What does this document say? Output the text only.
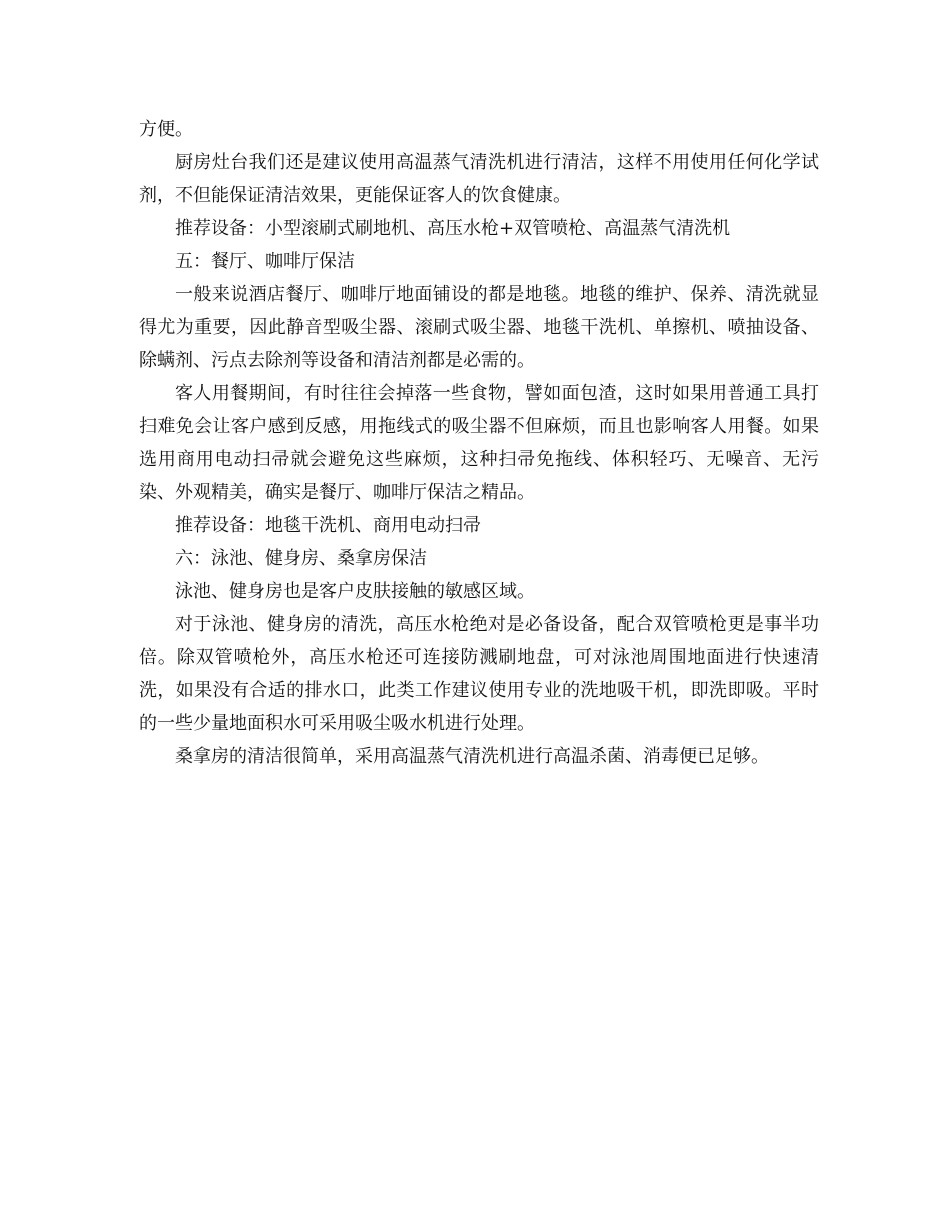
方便。

厨房灶台我们还是建议使用高温蒸气清洗机进行清洁，这样不用使用任何化学试剂，不但能保证清洁效果，更能保证客人的饮食健康。

推荐设备：小型滚刷式刷地机、高压水枪+双管喷枪、高温蒸气清洗机

五：餐厅、咖啡厅保洁

一般来说酒店餐厅、咖啡厅地面铺设的都是地毯。地毯的维护、保养、清洗就显得尤为重要，因此静音型吸尘器、滚刷式吸尘器、地毯干洗机、单擦机、喷抽设备、除螨剂、污点去除剂等设备和清洁剂都是必需的。

客人用餐期间，有时往往会掉落一些食物，譬如面包渣，这时如果用普通工具打扫难免会让客户感到反感，用拖线式的吸尘器不但麻烦，而且也影响客人用餐。如果选用商用电动扫帚就会避免这些麻烦，这种扫帚免拖线、体积轻巧、无噪音、无污染、外观精美，确实是餐厅、咖啡厅保洁之精品。

推荐设备：地毯干洗机、商用电动扫帚

六：泳池、健身房、桑拿房保洁

泳池、健身房也是客户皮肤接触的敏感区域。

对于泳池、健身房的清洗，高压水枪绝对是必备设备，配合双管喷枪更是事半功倍。除双管喷枪外，高压水枪还可连接防溅刷地盘，可对泳池周围地面进行快速清洗，如果没有合适的排水口，此类工作建议使用专业的洗地吸干机，即洗即吸。平时的一些少量地面积水可采用吸尘吸水机进行处理。

桑拿房的清洁很简单，采用高温蒸气清洗机进行高温杀菌、消毒便已足够。
